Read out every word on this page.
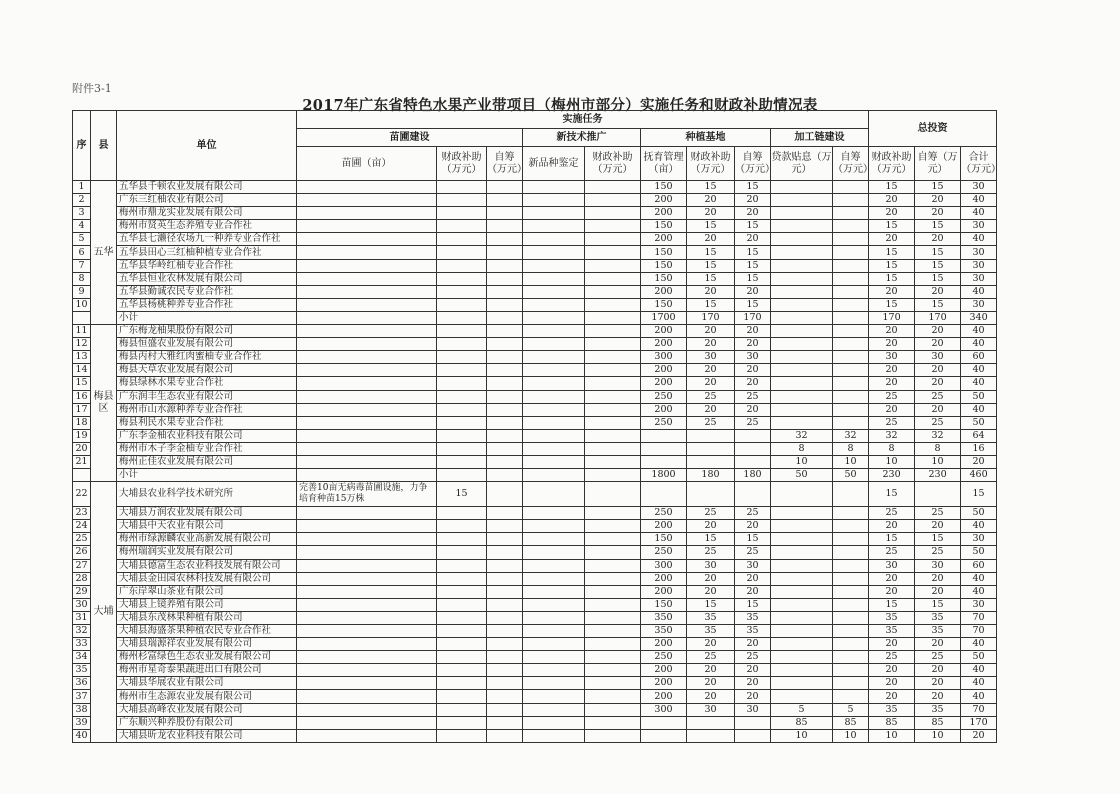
附件3-1
2017年广东省特色水果产业带项目（梅州市部分）实施任务和财政补助情况表
序	县	单位	实施任务										总投资		
			苗圃建设			新技术推广		种植基地			加工链建设				
			苗圃（亩）	财政补助（万元）	自筹（万元）	新品种鉴定	财政补助（万元）	抚育管理（亩）	财政补助（万元）	自筹（万元）	贷款贴息（万元）	自筹（万元）	财政补助（万元）	自筹（万元）	合计（万元）
1	五华	五华县千顿农业发展有限公司						150	15	15			15	15	30
2		广东三红柚农业有限公司						200	20	20			20	20	40
3		梅州市鼎龙实业发展有限公司						200	20	20			20	20	40
4		梅州市贤英生态养殖专业合作社						150	15	15			15	15	30
5		五华县七濑径农场九一种养专业合作社						200	20	20			20	20	40
6		五华县田心三红柚种植专业合作社						150	15	15			15	15	30
7		五华县华岭红柚专业合作社						150	15	15			15	15	30
8		五华县恒业农林发展有限公司						150	15	15			15	15	30
9		五华县勤诚农民专业合作社						200	20	20			20	20	40
10		五华县杨桃种养专业合作社						150	15	15			15	15	30
		小计						1700	170	170			170	170	340
11	梅县区	广东梅龙柚果股份有限公司						200	20	20			20	20	40
12		梅县恒盛农业发展有限公司						200	20	20			20	20	40
13		梅县丙村大雅红肉蜜柚专业合作社						300	30	30			30	30	60
14		梅县天草农业发展有限公司						200	20	20			20	20	40
15		梅县绿林水果专业合作社						200	20	20			20	20	40
16		广东润丰生态农业有限公司						250	25	25			25	25	50
17		梅州市山水源种养专业合作社						200	20	20			20	20	40
18		梅县利民水果专业合作社						250	25	25			25	25	50
19		广东李金柚农业科技有限公司									32	32	32	32	64
20		梅州市木子李金柚专业合作社									8	8	8	8	16
21		梅州正佳农业发展有限公司									10	10	10	10	20
		小计						1800	180	180	50	50	230	230	460
22	大埔	大埔县农业科学技术研究所	完善10亩无病毒苗圃设施，力争培育种苗15万株	15									15		15
23		大埔县万润农业发展有限公司						250	25	25			25	25	50
24		大埔县中天农业有限公司						200	20	20			20	20	40
25		梅州市绿源麟农业高新发展有限公司						150	15	15			15	15	30
26		梅州瑞润实业发展有限公司						250	25	25			25	25	50
27		大埔县德富生态农业科技发展有限公司						300	30	30			30	30	60
28		大埔县金田园农林科技发展有限公司						200	20	20			20	20	40
29		广东岸翠山茶业有限公司						200	20	20			20	20	40
30		大埔县上镜养殖有限公司						150	15	15			15	15	30
31		大埔县东茂林果种植有限公司						350	35	35			35	35	70
32		大埔县海盛茶果种植农民专业合作社						350	35	35			35	35	70
33		大埔县瑞源祥农业发展有限公司						200	20	20			20	20	40
34		梅州杉富绿色生态农业发展有限公司						250	25	25			25	25	50
35		梅州市星奇泰果蔬进出口有限公司						200	20	20			20	20	40
36		大埔县华展农业有限公司						200	20	20			20	20	40
37		梅州市生态源农业发展有限公司						200	20	20			20	20	40
38		大埔县高峰农业发展有限公司						300	30	30	5	5	35	35	70
39		广东顺兴种养股份有限公司									85	85	85	85	170
40		大埔县昕龙农业科技有限公司									10	10	10	10	20
